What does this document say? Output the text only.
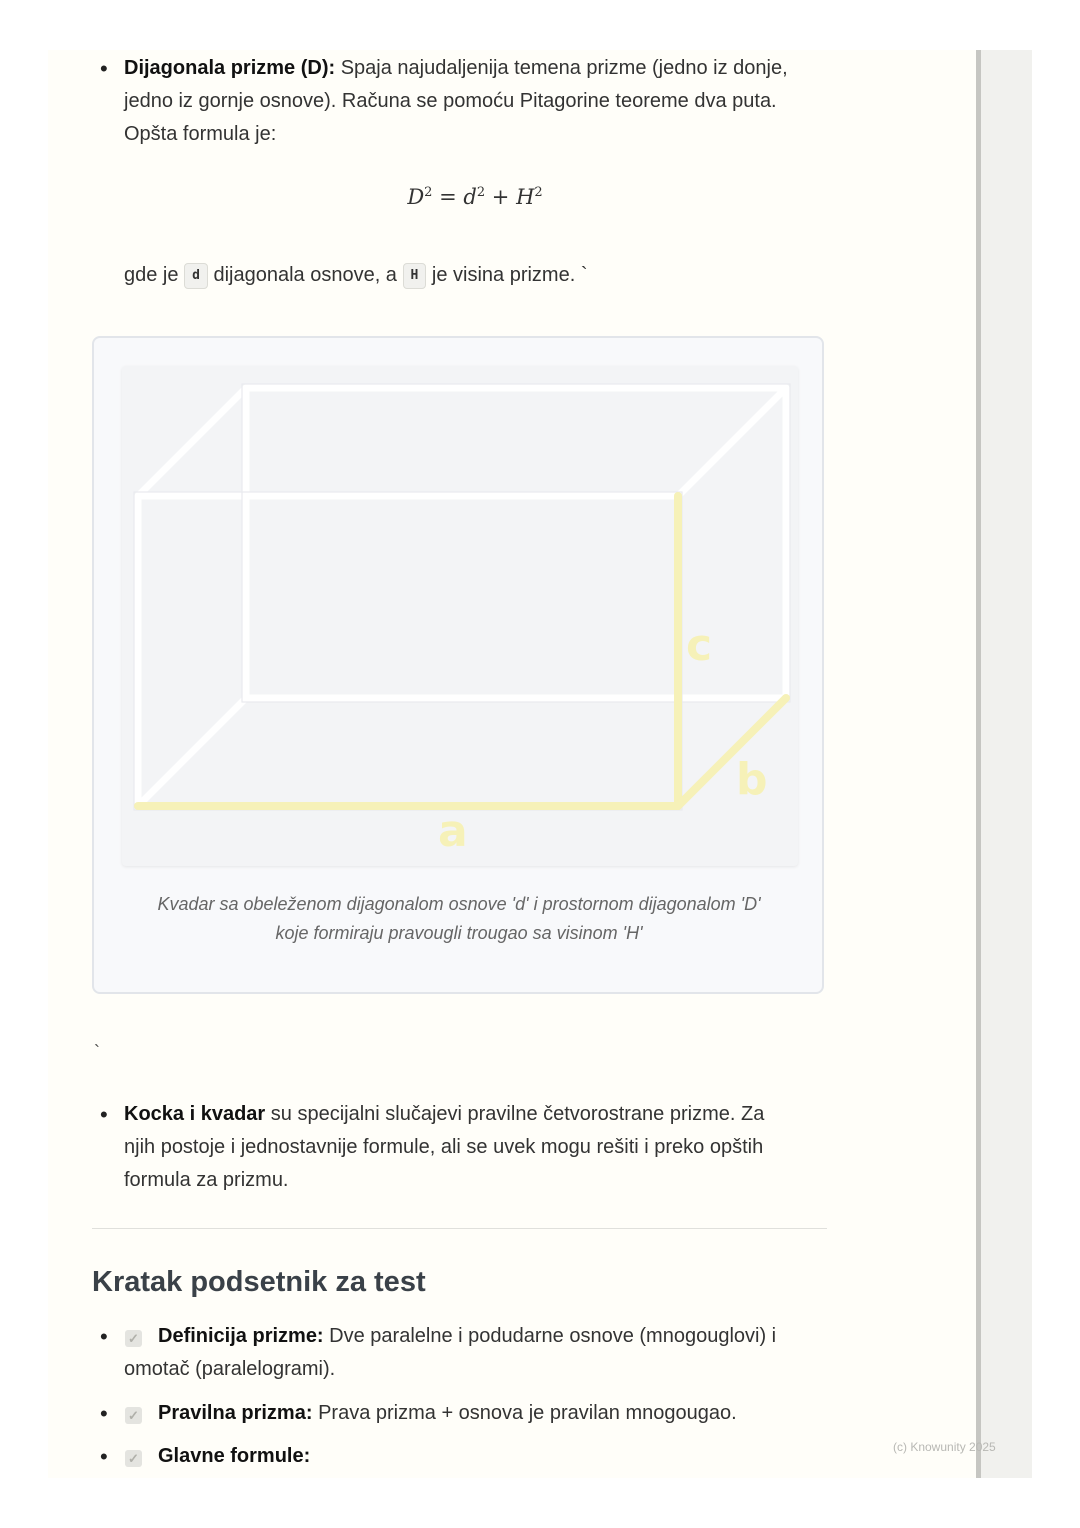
• Dijagonala prizme (D): Spaja najudaljenija temena prizme (jedno iz donje,
jedno iz gornje osnove). Računa se pomoću Pitagorine teoreme dva puta.
Opšta formula je:
$D^2 = d^2 + H^2$
gde je d dijagonala osnove, a H je visina prizme. `
a
c
b
Kvadar sa obeleženom dijagonalom osnove 'd' i prostornom dijagonalom 'D'
koje formiraju pravougli trougao sa visinom 'H'
`
• Kocka i kvadar su specijalni slučajevi pravilne četvorostrane prizme. Za
njih postoje i jednostavnije formule, ali se uvek mogu rešiti i preko opštih
formula za prizmu.
Kratak podsetnik za test
•	✓ Definicija prizme: Dve paralelne i podudarne osnove (mnogouglovi) i
omotač (paralelogrami).
•	✓ Pravilna prizma: Prava prizma + osnova je pravilan mnogougao.
•	✓ Glavne formule:	(c) Knowunity 2025
